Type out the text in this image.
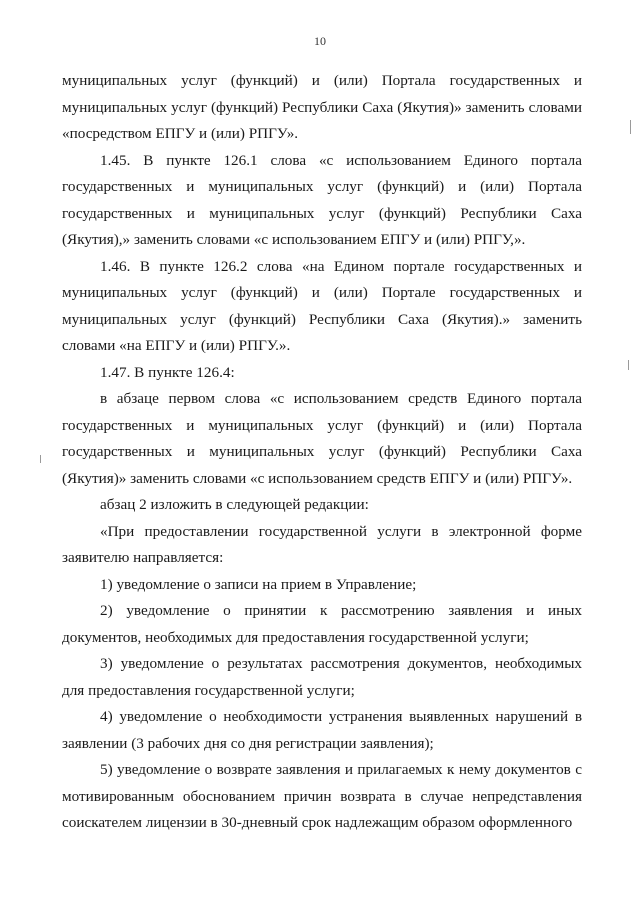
10

муниципальных услуг (функций) и (или) Портала государственных и муниципальных услуг (функций) Республики Саха (Якутия)» заменить словами «посредством ЕПГУ и (или) РПГУ».

1.45. В пункте 126.1 слова «с использованием Единого портала государственных и муниципальных услуг (функций) и (или) Портала государственных и муниципальных услуг (функций) Республики Саха (Якутия),» заменить словами «с использованием ЕПГУ и (или) РПГУ,».

1.46. В пункте 126.2 слова «на Едином портале государственных и муниципальных услуг (функций) и (или) Портале государственных и муниципальных услуг (функций) Республики Саха (Якутия).» заменить словами «на ЕПГУ и (или) РПГУ.».

1.47. В пункте 126.4:

в абзаце первом слова «с использованием средств Единого портала государственных и муниципальных услуг (функций) и (или) Портала государственных и муниципальных услуг (функций) Республики Саха (Якутия)» заменить словами «с использованием средств ЕПГУ и (или) РПГУ».

абзац 2 изложить в следующей редакции:

«При предоставлении государственной услуги в электронной форме заявителю направляется:

1) уведомление о записи на прием в Управление;

2) уведомление о принятии к рассмотрению заявления и иных документов, необходимых для предоставления государственной услуги;

3) уведомление о результатах рассмотрения документов, необходимых для предоставления государственной услуги;

4) уведомление о необходимости устранения выявленных нарушений в заявлении (3 рабочих дня со дня регистрации заявления);

5) уведомление о возврате заявления и прилагаемых к нему документов с мотивированным обоснованием причин возврата в случае непредставления соискателем лицензии в 30-дневный срок надлежащим образом оформленного
